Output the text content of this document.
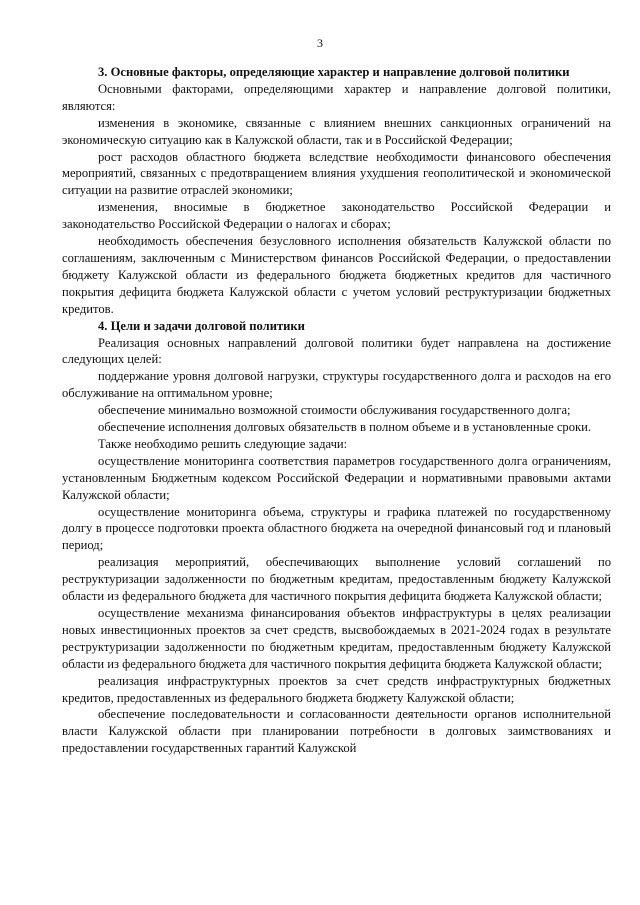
3

3. Основные факторы, определяющие характер и направление долговой политики

Основными факторами, определяющими характер и направление долговой политики, являются:

изменения в экономике, связанные с влиянием внешних санкционных ограничений на экономическую ситуацию как в Калужской области, так и в Российской Федерации;

рост расходов областного бюджета вследствие необходимости финансового обеспечения мероприятий, связанных с предотвращением влияния ухудшения геополитической и экономической ситуации на развитие отраслей экономики;

изменения, вносимые в бюджетное законодательство Российской Федерации и законодательство Российской Федерации о налогах и сборах;

необходимость обеспечения безусловного исполнения обязательств Калужской области по соглашениям, заключенным с Министерством финансов Российской Федерации, о предоставлении бюджету Калужской области из федерального бюджета бюджетных кредитов для частичного покрытия дефицита бюджета Калужской области с учетом условий реструктуризации бюджетных кредитов.

4. Цели и задачи долговой политики

Реализация основных направлений долговой политики будет направлена на достижение следующих целей:

поддержание уровня долговой нагрузки, структуры государственного долга и расходов на его обслуживание на оптимальном уровне;

обеспечение минимально возможной стоимости обслуживания государственного долга;

обеспечение исполнения долговых обязательств в полном объеме и в установленные сроки.

Также необходимо решить следующие задачи:

осуществление мониторинга соответствия параметров государственного долга ограничениям, установленным Бюджетным кодексом Российской Федерации и нормативными правовыми актами Калужской области;

осуществление мониторинга объема, структуры и графика платежей по государственному долгу в процессе подготовки проекта областного бюджета на очередной финансовый год и плановый период;

реализация мероприятий, обеспечивающих выполнение условий соглашений по реструктуризации задолженности по бюджетным кредитам, предоставленным бюджету Калужской области из федерального бюджета для частичного покрытия дефицита бюджета Калужской области;

осуществление механизма финансирования объектов инфраструктуры в целях реализации новых инвестиционных проектов за счет средств, высвобождаемых в 2021-2024 годах в результате реструктуризации задолженности по бюджетным кредитам, предоставленным бюджету Калужской области из федерального бюджета для частичного покрытия дефицита бюджета Калужской области;

реализация инфраструктурных проектов за счет средств инфраструктурных бюджетных кредитов, предоставленных из федерального бюджета бюджету Калужской области;

обеспечение последовательности и согласованности деятельности органов исполнительной власти Калужской области при планировании потребности в долговых заимствованиях и предоставлении государственных гарантий Калужской
